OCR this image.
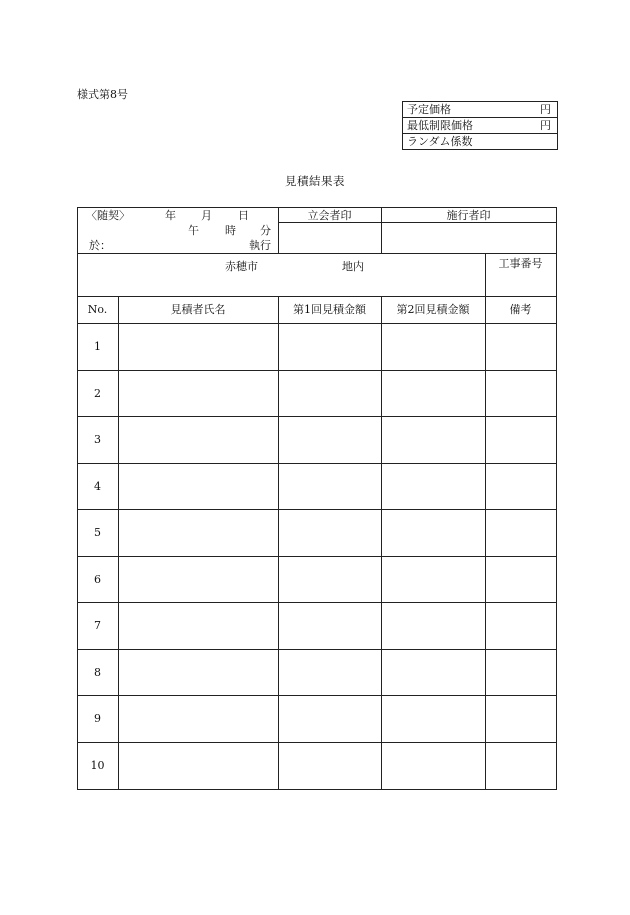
様式第8号
予定価格	円
最低制限価格	円
ランダム係数
見積結果表
〈随契〉	年 月 日
午 時 分
於：	執行
立会者印	施行者印
赤穂市	地内	工事番号
No.	見積者氏名	第1回見積金額	第2回見積金額	備考
1
2
3
4
5
6
7
8
9
10
